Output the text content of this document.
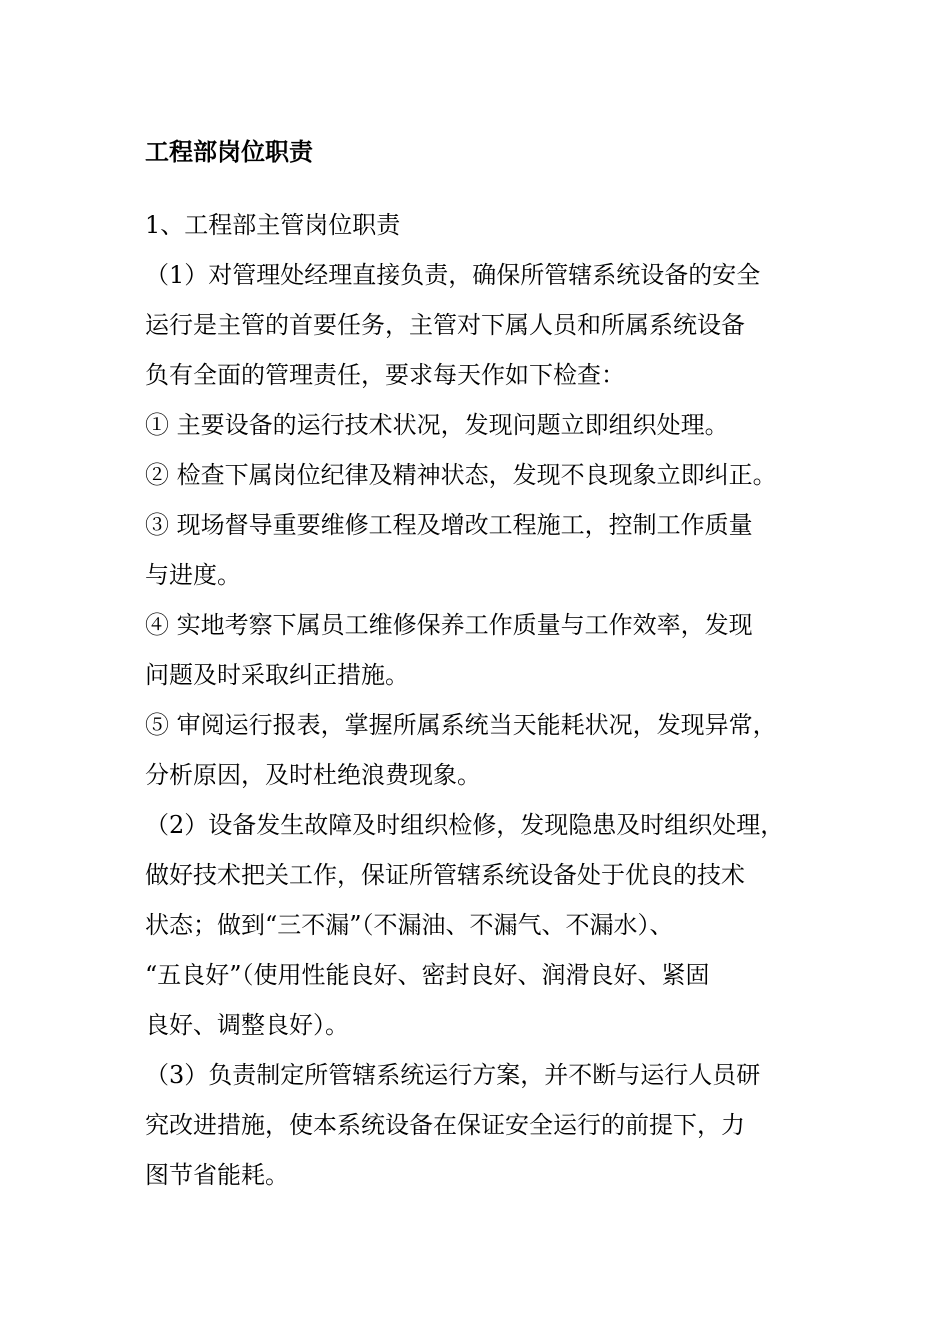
工程部岗位职责
1、工程部主管岗位职责
（1）对管理处经理直接负责，确保所管辖系统设备的安全
运行是主管的首要任务，主管对下属人员和所属系统设备
负有全面的管理责任，要求每天作如下检查：
① 主要设备的运行技术状况，发现问题立即组织处理。
② 检查下属岗位纪律及精神状态，发现不良现象立即纠正。
③ 现场督导重要维修工程及增改工程施工，控制工作质量
与进度。
④ 实地考察下属员工维修保养工作质量与工作效率，发现
问题及时采取纠正措施。
⑤ 审阅运行报表，掌握所属系统当天能耗状况，发现异常，
分析原因，及时杜绝浪费现象。
（2）设备发生故障及时组织检修，发现隐患及时组织处理，
做好技术把关工作，保证所管辖系统设备处于优良的技术
状态；做到“三不漏”（不漏油、不漏气、不漏水）、
“五良好”（使用性能良好、密封良好、润滑良好、紧固
良好、调整良好）。
（3）负责制定所管辖系统运行方案，并不断与运行人员研
究改进措施，使本系统设备在保证安全运行的前提下，力
图节省能耗。
